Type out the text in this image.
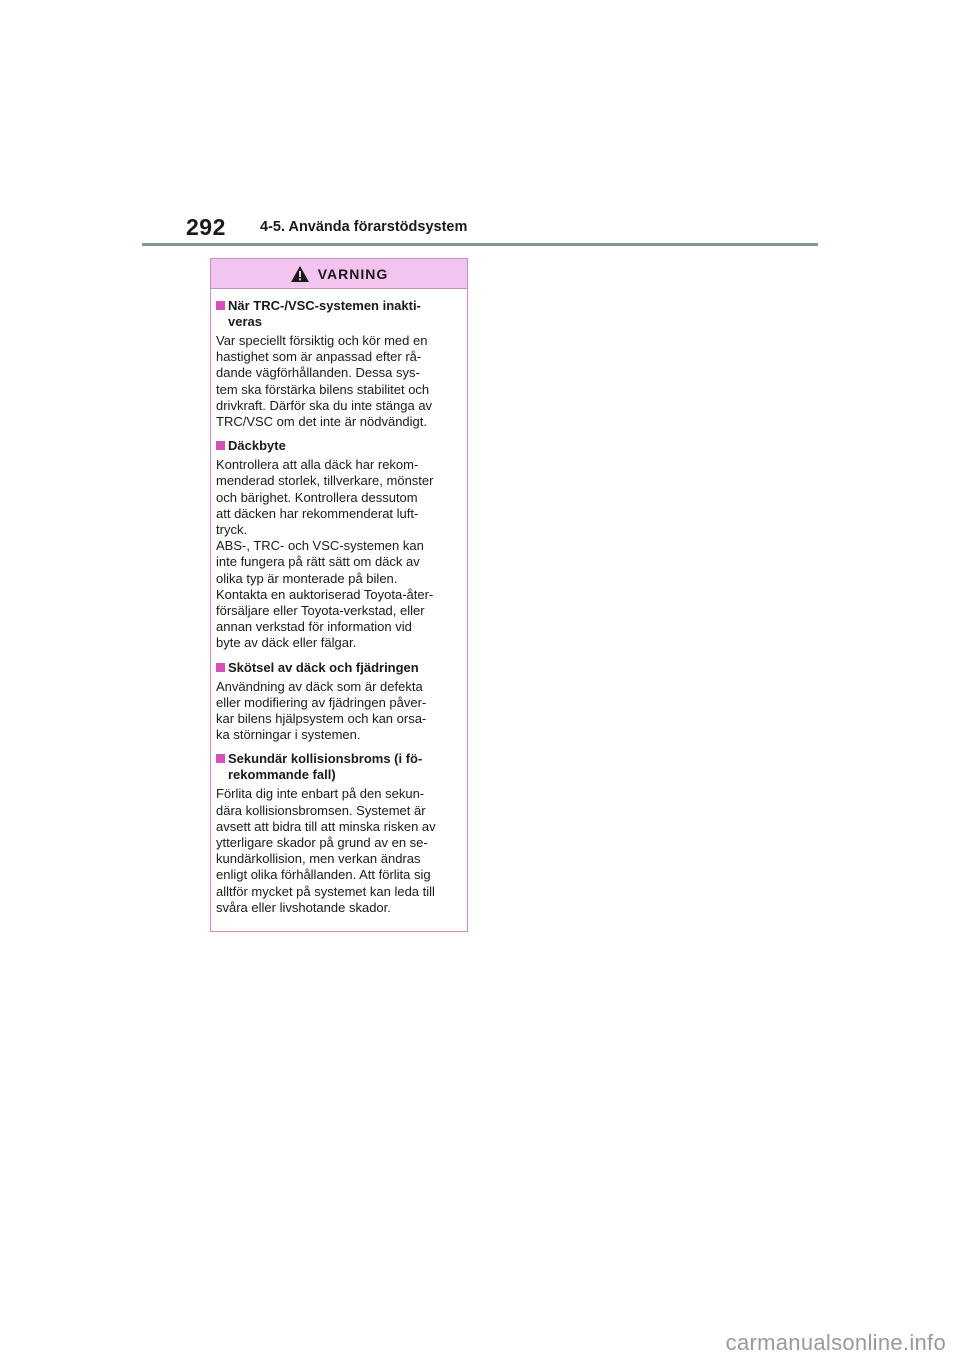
292 4-5. Använda förarstödsystem
VARNING
När TRC-/VSC-systemen inakti-
veras
Var speciellt försiktig och kör med en
hastighet som är anpassad efter rå-
dande vägförhållanden. Dessa sys-
tem ska förstärka bilens stabilitet och
drivkraft. Därför ska du inte stänga av
TRC/VSC om det inte är nödvändigt.
Däckbyte
Kontrollera att alla däck har rekom-
menderad storlek, tillverkare, mönster
och bärighet. Kontrollera dessutom
att däcken har rekommenderat luft-
tryck.
ABS-, TRC- och VSC-systemen kan
inte fungera på rätt sätt om däck av
olika typ är monterade på bilen.
Kontakta en auktoriserad Toyota-åter-
försäljare eller Toyota-verkstad, eller
annan verkstad för information vid
byte av däck eller fälgar.
Skötsel av däck och fjädringen
Användning av däck som är defekta
eller modifiering av fjädringen påver-
kar bilens hjälpsystem och kan orsa-
ka störningar i systemen.
Sekundär kollisionsbroms (i fö-
rekommande fall)
Förlita dig inte enbart på den sekun-
dära kollisionsbromsen. Systemet är
avsett att bidra till att minska risken av
ytterligare skador på grund av en se-
kundärkollision, men verkan ändras
enligt olika förhållanden. Att förlita sig
alltför mycket på systemet kan leda till
svåra eller livshotande skador.
carmanualsonline.info
